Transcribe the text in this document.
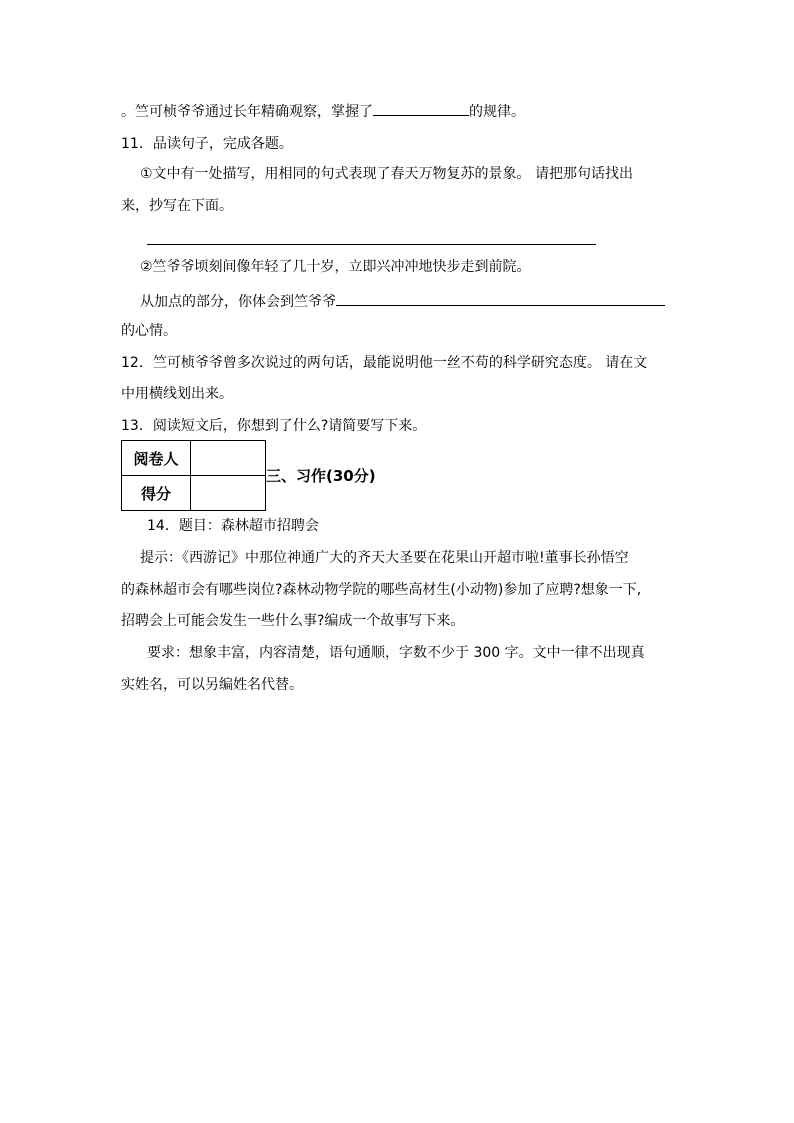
。竺可桢爷爷通过长年精确观察，掌握了	的规律。
11．品读句子，完成各题。
①文中有一处描写，用相同的句式表现了春天万物复苏的景象。 请把那句话找出
来，抄写在下面。
②竺爷爷顷刻间像年轻了几十岁，立即兴冲冲地快步走到前院。
从加点的部分，你体会到竺爷爷
的心情。
12．竺可桢爷爷曾多次说过的两句话，最能说明他一丝不苟的科学研究态度。 请在文
中用横线划出来。
13．阅读短文后，你想到了什么?请简要写下来。
阅卷人	
得分	
三、习作(30分)
14．题目：森林超市招聘会
提示：《西游记》中那位神通广大的齐天大圣要在花果山开超市啦!董事长孙悟空
的森林超市会有哪些岗位?森林动物学院的哪些高材生(小动物)参加了应聘?想象一下,
招聘会上可能会发生一些什么事?编成一个故事写下来。
要求：想象丰富，内容清楚，语句通顺，字数不少于 300 字。文中一律不出现真
实姓名，可以另编姓名代替。
